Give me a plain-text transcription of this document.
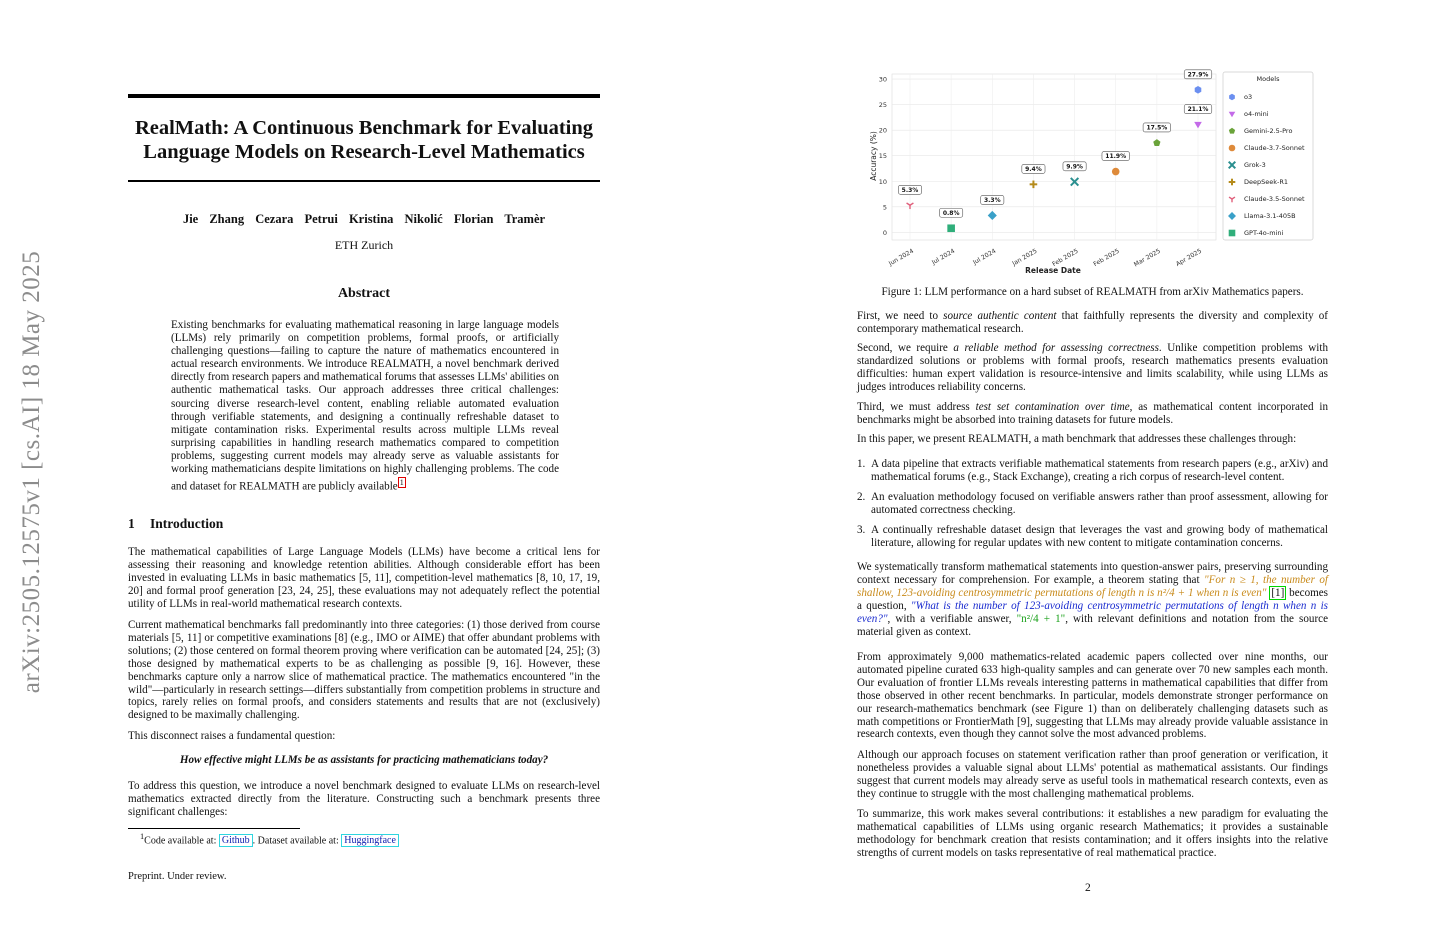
arXiv:2505.12575v1 [cs.AI] 18 May 2025
RealMath: A Continuous Benchmark for Evaluating
Language Models on Research-Level Mathematics
Jie Zhang Cezara Petrui Kristina Nikolić Florian Tramèr
ETH Zurich
Abstract
Existing benchmarks for evaluating mathematical reasoning in large language models (LLMs) rely primarily on competition problems, formal proofs, or artificially challenging questions—failing to capture the nature of mathematics encountered in actual research environments. We introduce REALMATH, a novel benchmark derived directly from research papers and mathematical forums that assesses LLMs' abilities on authentic mathematical tasks. Our approach addresses three critical challenges: sourcing diverse research-level content, enabling reliable automated evaluation through verifiable statements, and designing a continually refreshable dataset to mitigate contamination risks. Experimental results across multiple LLMs reveal surprising capabilities in handling research mathematics compared to competition problems, suggesting current models may already serve as valuable assistants for working mathematicians despite limitations on highly challenging problems. The code and dataset for REALMATH are publicly available $^1$
1 Introduction
The mathematical capabilities of Large Language Models (LLMs) have become a critical lens for assessing their reasoning and knowledge retention abilities. Although considerable effort has been invested in evaluating LLMs in basic mathematics [5, 11], competition-level mathematics [8, 10, 17, 19, 20] and formal proof generation [23, 24, 25], these evaluations may not adequately reflect the potential utility of LLMs in real-world mathematical research contexts.
Current mathematical benchmarks fall predominantly into three categories: (1) those derived from course materials [5, 11] or competitive examinations [8] (e.g., IMO or AIME) that offer abundant problems with solutions; (2) those centered on formal theorem proving where verification can be automated [24, 25]; (3) those designed by mathematical experts to be as challenging as possible [9, 16]. However, these benchmarks capture only a narrow slice of mathematical practice. The mathematics encountered "in the wild"—particularly in research settings—differs substantially from competition problems in structure and topics, rarely relies on formal proofs, and considers statements and results that are not (exclusively) designed to be maximally challenging.
This disconnect raises a fundamental question:
How effective might LLMs be as assistants for practicing mathematicians today?
To address this question, we introduce a novel benchmark designed to evaluate LLMs on research-level mathematics extracted directly from the literature. Constructing such a benchmark presents three significant challenges:
$^1$Code available at: Github . Dataset available at: Huggingface
Preprint. Under review.
0
5
10
15
20
25
30
Jun 2024	Jul 2024	Jul 2024 Jan 2025 Feb 2025 Feb 2025 Mar 2025 Apr 2025
27.9%
21.1%
17.5%
11.9%
9.9%
9.4%
5.3%
3.3%
0.8%
Accuracy (%)
Release Date
Models
o3
o4-mini
Gemini-2.5-Pro
Claude-3.7-Sonnet
Grok-3
DeepSeek-R1
Claude-3.5-Sonnet
Llama-3.1-405B
GPT-4o-mini
Figure 1: LLM performance on a hard subset of REALMATH from arXiv Mathematics papers.
First, we need to source authentic content that faithfully represents the diversity and complexity of contemporary mathematical research.
Second, we require a reliable method for assessing correctness. Unlike competition problems with standardized solutions or problems with formal proofs, research mathematics presents evaluation difficulties: human expert validation is resource-intensive and limits scalability, while using LLMs as judges introduces reliability concerns.
Third, we must address test set contamination over time, as mathematical content incorporated in benchmarks might be absorbed into training datasets for future models.
In this paper, we present REALMATH, a math benchmark that addresses these challenges through:
1. A data pipeline that extracts verifiable mathematical statements from research papers (e.g., arXiv) and mathematical forums (e.g., Stack Exchange), creating a rich corpus of research-level content.
2. An evaluation methodology focused on verifiable answers rather than proof assessment, allowing for automated correctness checking.
3. A continually refreshable dataset design that leverages the vast and growing body of mathematical literature, allowing for regular updates with new content to mitigate contamination concerns.
We systematically transform mathematical statements into question-answer pairs, preserving surrounding context necessary for comprehension. For example, a theorem stating that "For n ≥ 1, the number of shallow, 123-avoiding centrosymmetric permutations of length n is n²/4 + 1 when n is even" [1] becomes a question, "What is the number of 123-avoiding centrosymmetric permutations of length n when n is even?", with a verifiable answer, "n²/4 + 1", with relevant definitions and notation from the source material given as context.
From approximately 9,000 mathematics-related academic papers collected over nine months, our automated pipeline curated 633 high-quality samples and can generate over 70 new samples each month. Our evaluation of frontier LLMs reveals interesting patterns in mathematical capabilities that differ from those observed in other recent benchmarks. In particular, models demonstrate stronger performance on our research-mathematics benchmark (see Figure 1) than on deliberately challenging datasets such as math competitions or FrontierMath [9], suggesting that LLMs may already provide valuable assistance in research contexts, even though they cannot solve the most advanced problems.
Although our approach focuses on statement verification rather than proof generation or verification, it nonetheless provides a valuable signal about LLMs' potential as mathematical assistants. Our findings suggest that current models may already serve as useful tools in mathematical research contexts, even as they continue to struggle with the most challenging mathematical problems.
To summarize, this work makes several contributions: it establishes a new paradigm for evaluating the mathematical capabilities of LLMs using organic research Mathematics; it provides a sustainable methodology for benchmark creation that resists contamination; and it offers insights into the relative strengths of current models on tasks representative of real mathematical practice.
2
